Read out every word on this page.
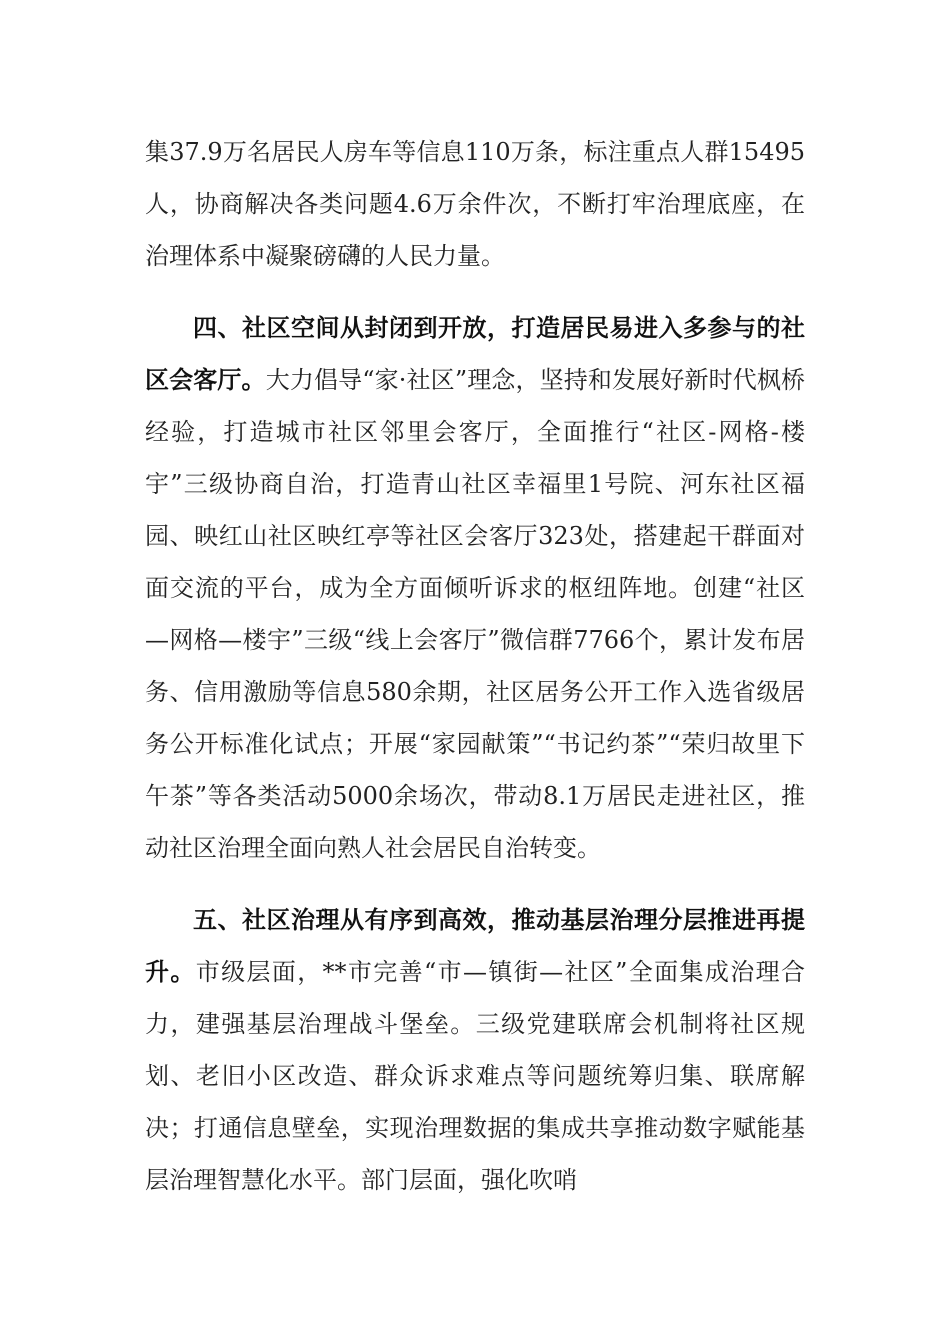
集37.9万名居民人房车等信息110万条，标注重点人群15495人，协商解决各类问题4.6万余件次，不断打牢治理底座，在治理体系中凝聚磅礴的人民力量。

四、社区空间从封闭到开放，打造居民易进入多参与的社区会客厅。大力倡导“家·社区”理念，坚持和发展好新时代枫桥经验，打造城市社区邻里会客厅，全面推行“社区-网格-楼宇”三级协商自治，打造青山社区幸福里1号院、河东社区福园、映红山社区映红亭等社区会客厅323处，搭建起干群面对面交流的平台，成为全方面倾听诉求的枢纽阵地。创建“社区—网格—楼宇”三级“线上会客厅”微信群7766个，累计发布居务、信用激励等信息580余期，社区居务公开工作入选省级居务公开标准化试点；开展“家园献策”“书记约茶”“荣归故里下午茶”等各类活动5000余场次，带动8.1万居民走进社区，推动社区治理全面向熟人社会居民自治转变。

五、社区治理从有序到高效，推动基层治理分层推进再提升。市级层面，**市完善“市—镇街—社区”全面集成治理合力，建强基层治理战斗堡垒。三级党建联席会机制将社区规划、老旧小区改造、群众诉求难点等问题统筹归集、联席解决；打通信息壁垒，实现治理数据的集成共享推动数字赋能基层治理智慧化水平。部门层面，强化吹哨
